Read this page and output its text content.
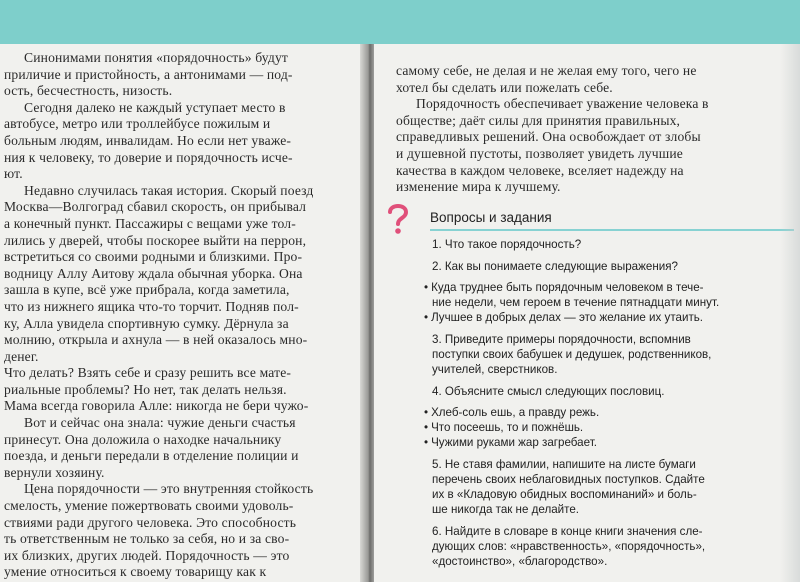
Синонимами понятия «порядочность» будут
приличие и пристойность, а антонимами — под-
ость, бесчестность, низость.
Сегодня далеко не каждый уступает место в
автобусе, метро или троллейбусе пожилым и
больным людям, инвалидам. Но если нет уваже-
ния к человеку, то доверие и порядочность исче-
ют.
Недавно случилась такая история. Скорый поезд
Москва—Волгоград сбавил скорость, он прибывал
а конечный пункт. Пассажиры с вещами уже тол-
лились у дверей, чтобы поскорее выйти на перрон,
встретиться со своими родными и близкими. Про-
водницу Аллу Аитову ждала обычная уборка. Она
зашла в купе, всё уже прибрала, когда заметила,
что из нижнего ящика что-то торчит. Подняв пол-
ку, Алла увидела спортивную сумку. Дёрнула за
молнию, открыла и ахнула — в ней оказалось мно-
денег.
Что делать? Взять себе и сразу решить все мате-
риальные проблемы? Но нет, так делать нельзя.
Мама всегда говорила Алле: никогда не бери чужо-
Вот и сейчас она знала: чужие деньги счастья
принесут. Она доложила о находке начальнику
поезда, и деньги передали в отделение полиции и
вернули хозяину.
Цена порядочности — это внутренняя стойкость
смелость, умение пожертвовать своими удоволь-
ствиями ради другого человека. Это способность
ть ответственным не только за себя, но и за сво-
их близких, других людей. Порядочность — это
умение относиться к своему товарищу как к
самому себе, не делая и не желая ему того, чего не
хотел бы сделать или пожелать себе.
Порядочность обеспечивает уважение человека в
обществе; даёт силы для принятия правильных,
справедливых решений. Она освобождает от злобы
и душевной пустоты, позволяет увидеть лучшие
качества в каждом человеке, вселяет надежду на
изменение мира к лучшему.
Вопросы и задания
1. Что такое порядочность?
2. Как вы понимаете следующие выражения?
• Куда труднее быть порядочным человеком в тече-
ние недели, чем героем в течение пятнадцати минут.
• Лучшее в добрых делах — это желание их утаить.
3. Приведите примеры порядочности, вспомнив
поступки своих бабушек и дедушек, родственников,
учителей, сверстников.
4. Объясните смысл следующих пословиц.
• Хлеб-соль ешь, а правду режь.
• Что посеешь, то и пожнёшь.
• Чужими руками жар загребает.
5. Не ставя фамилии, напишите на листе бумаги
перечень своих неблаговидных поступков. Сдайте
их в «Кладовую обидных воспоминаний» и боль-
ше никогда так не делайте.
6. Найдите в словаре в конце книги значения сле-
дующих слов: «нравственность», «порядочность»,
«достоинство», «благородство».
